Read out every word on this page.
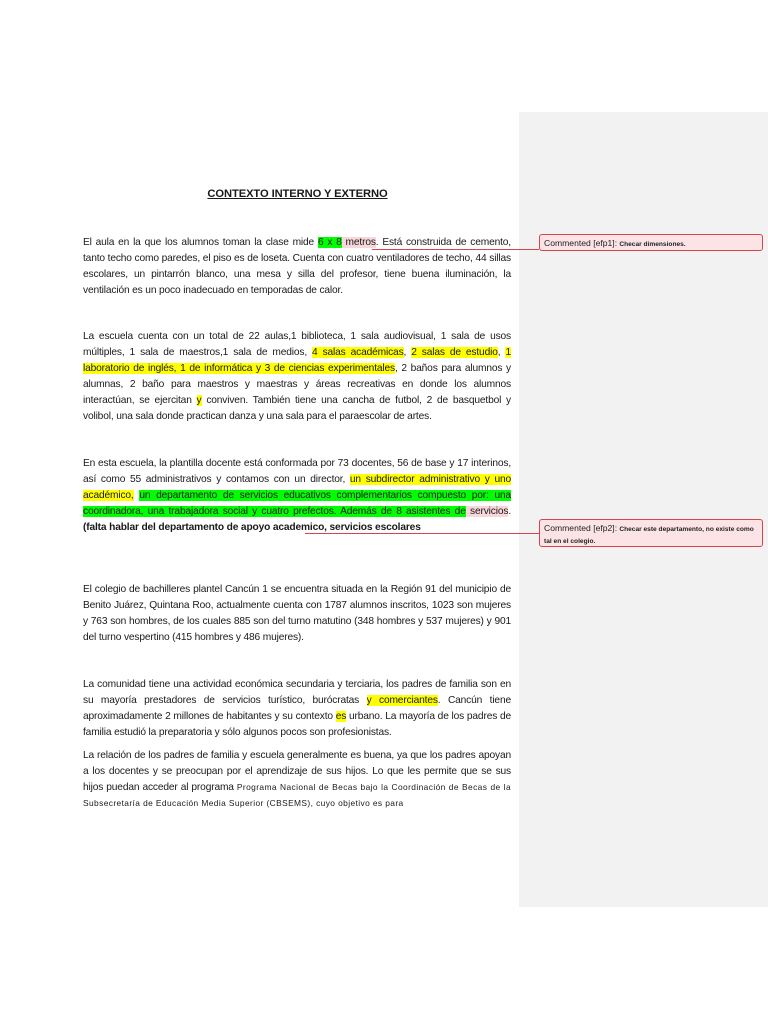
CONTEXTO INTERNO Y EXTERNO
El aula en la que los alumnos toman la clase mide 6 x 8 metros. Está construida de cemento, tanto techo como paredes, el piso es de loseta. Cuenta con cuatro ventiladores de techo, 44 sillas escolares, un pintarrón blanco, una mesa y silla del profesor, tiene buena iluminación, la ventilación es un poco inadecuado en temporadas de calor.
La escuela cuenta con un total de 22 aulas,1 biblioteca, 1 sala audiovisual, 1 sala de usos múltiples, 1 sala de maestros,1 sala de medios, 4 salas académicas, 2 salas de estudio, 1 laboratorio de inglés, 1 de informática y 3 de ciencias experimentales, 2 baños para alumnos y alumnas, 2 baño para maestros y maestras y áreas recreativas en donde los alumnos interactúan, se ejercitan y conviven. También tiene una cancha de futbol, 2 de basquetbol y volibol, una sala donde practican danza y una sala para el paraescolar de artes.
En esta escuela, la plantilla docente está conformada por 73 docentes, 56 de base y 17 interinos, así como 55 administrativos y contamos con un director, un subdirector administrativo y uno académico, un departamento de servicios educativos complementarios compuesto por: una coordinadora, una trabajadora social y cuatro prefectos. Además de 8 asistentes de servicios. (falta hablar del departamento de apoyo academico, servicios escolares
El colegio de bachilleres plantel Cancún 1 se encuentra situada en la Región 91 del municipio de Benito Juárez, Quintana Roo, actualmente cuenta con 1787 alumnos inscritos, 1023 son mujeres y 763 son hombres, de los cuales 885 son del turno matutino (348 hombres y 537 mujeres) y 901 del turno vespertino (415 hombres y 486 mujeres).
La comunidad tiene una actividad económica secundaria y terciaria, los padres de familia son en su mayoría prestadores de servicios turístico, burócratas y comerciantes. Cancún tiene aproximadamente 2 millones de habitantes y su contexto es urbano. La mayoría de los padres de familia estudió la preparatoria y sólo algunos pocos son profesionistas.
La relación de los padres de familia y escuela generalmente es buena, ya que los padres apoyan a los docentes y se preocupan por el aprendizaje de sus hijos. Lo que les permite que se sus hijos puedan acceder al programa Programa Nacional de Becas bajo la Coordinación de Becas de la Subsecretaría de Educación Media Superior (CBSEMS), cuyo objetivo es para
Commented [efp1]: Checar dimensiones.
Commented [efp2]: Checar este departamento, no existe como tal en el colegio.
